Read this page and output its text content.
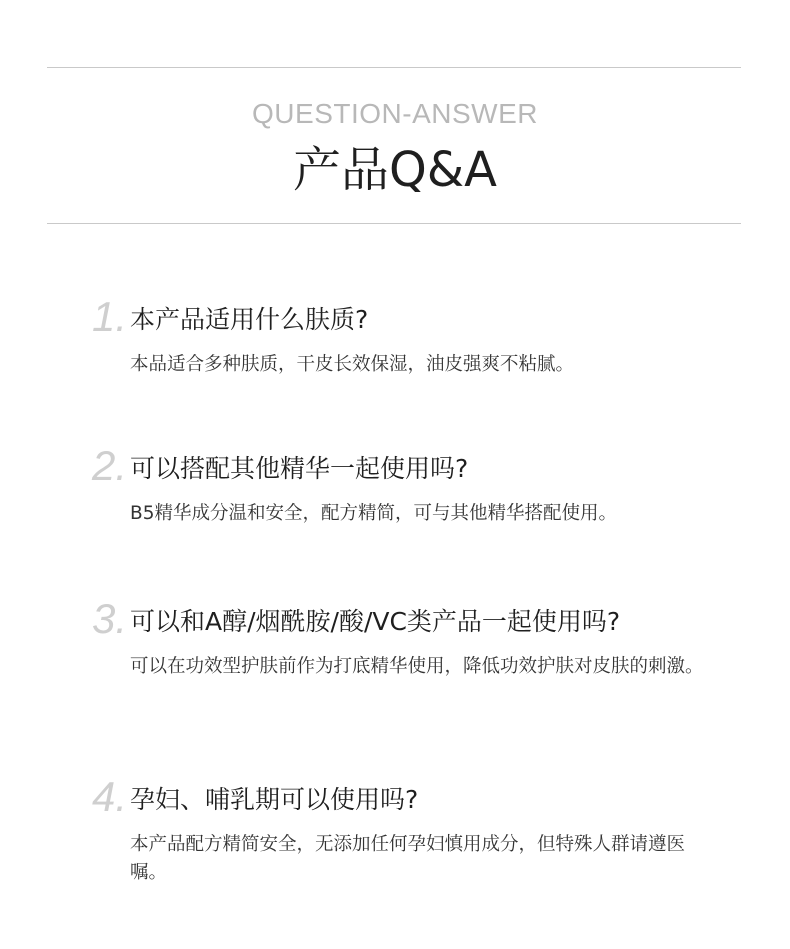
QUESTION-ANSWER
产品Q&A
1. 本产品适用什么肤质?
本品适合多种肤质，干皮长效保湿，油皮强爽不粘腻。
2. 可以搭配其他精华一起使用吗?
B5精华成分温和安全，配方精简，可与其他精华搭配使用。
3. 可以和A醇/烟酰胺/酸/VC类产品一起使用吗?
可以在功效型护肤前作为打底精华使用，降低功效护肤对皮肤的刺激。
4. 孕妇、哺乳期可以使用吗?
本产品配方精简安全，无添加任何孕妇慎用成分，但特殊人群请遵医嘱。
